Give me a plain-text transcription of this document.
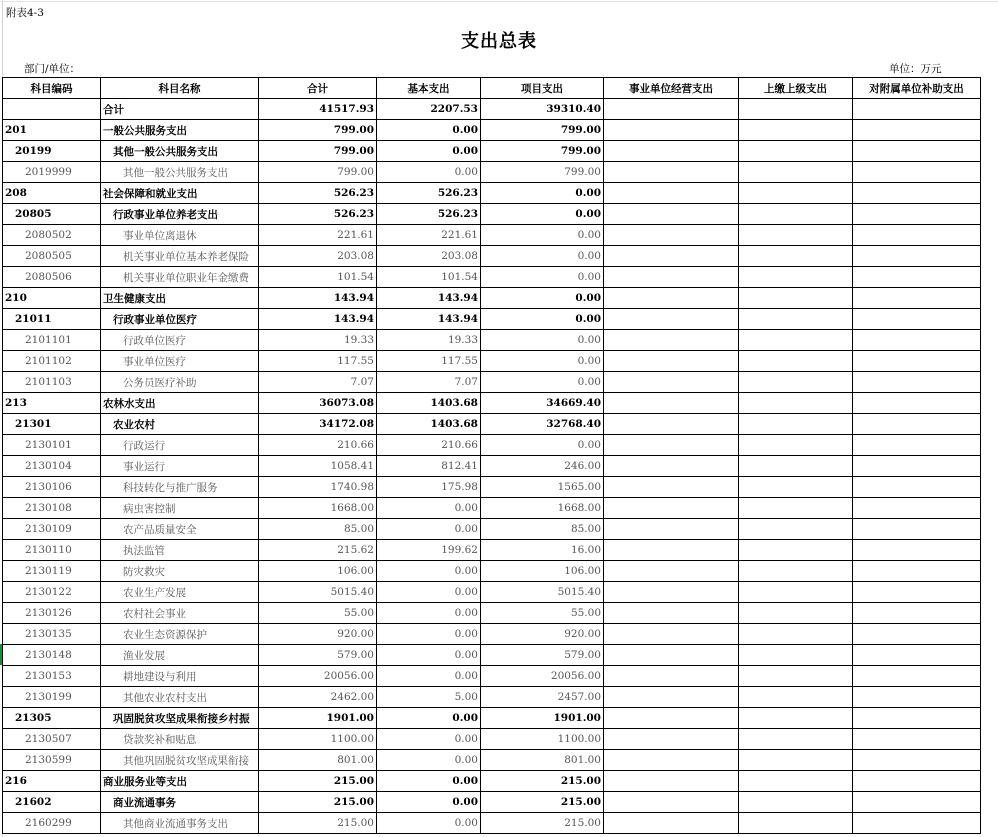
附表4-3
支出总表
部门/单位：	单位：万元
科目编码	科目名称	合计	基本支出	项目支出	事业单位经营支出	上缴上级支出	对附属单位补助支出
	合计	41517.93	2207.53	39310.40			
201	一般公共服务支出	799.00	0.00	799.00			
20199	其他一般公共服务支出	799.00	0.00	799.00			
2019999	其他一般公共服务支出	799.00	0.00	799.00			
208	社会保障和就业支出	526.23	526.23	0.00			
20805	行政事业单位养老支出	526.23	526.23	0.00			
2080502	事业单位离退休	221.61	221.61	0.00			
2080505	机关事业单位基本养老保险	203.08	203.08	0.00			
2080506	机关事业单位职业年金缴费	101.54	101.54	0.00			
210	卫生健康支出	143.94	143.94	0.00			
21011	行政事业单位医疗	143.94	143.94	0.00			
2101101	行政单位医疗	19.33	19.33	0.00			
2101102	事业单位医疗	117.55	117.55	0.00			
2101103	公务员医疗补助	7.07	7.07	0.00			
213	农林水支出	36073.08	1403.68	34669.40			
21301	农业农村	34172.08	1403.68	32768.40			
2130101	行政运行	210.66	210.66	0.00			
2130104	事业运行	1058.41	812.41	246.00			
2130106	科技转化与推广服务	1740.98	175.98	1565.00			
2130108	病虫害控制	1668.00	0.00	1668.00			
2130109	农产品质量安全	85.00	0.00	85.00			
2130110	执法监管	215.62	199.62	16.00			
2130119	防灾救灾	106.00	0.00	106.00			
2130122	农业生产发展	5015.40	0.00	5015.40			
2130126	农村社会事业	55.00	0.00	55.00			
2130135	农业生态资源保护	920.00	0.00	920.00			
2130148	渔业发展	579.00	0.00	579.00			
2130153	耕地建设与利用	20056.00	0.00	20056.00			
2130199	其他农业农村支出	2462.00	5.00	2457.00			
21305	巩固脱贫攻坚成果衔接乡村振	1901.00	0.00	1901.00			
2130507	贷款奖补和贴息	1100.00	0.00	1100.00			
2130599	其他巩固脱贫攻坚成果衔接	801.00	0.00	801.00			
216	商业服务业等支出	215.00	0.00	215.00			
21602	商业流通事务	215.00	0.00	215.00			
2160299	其他商业流通事务支出	215.00	0.00	215.00			
